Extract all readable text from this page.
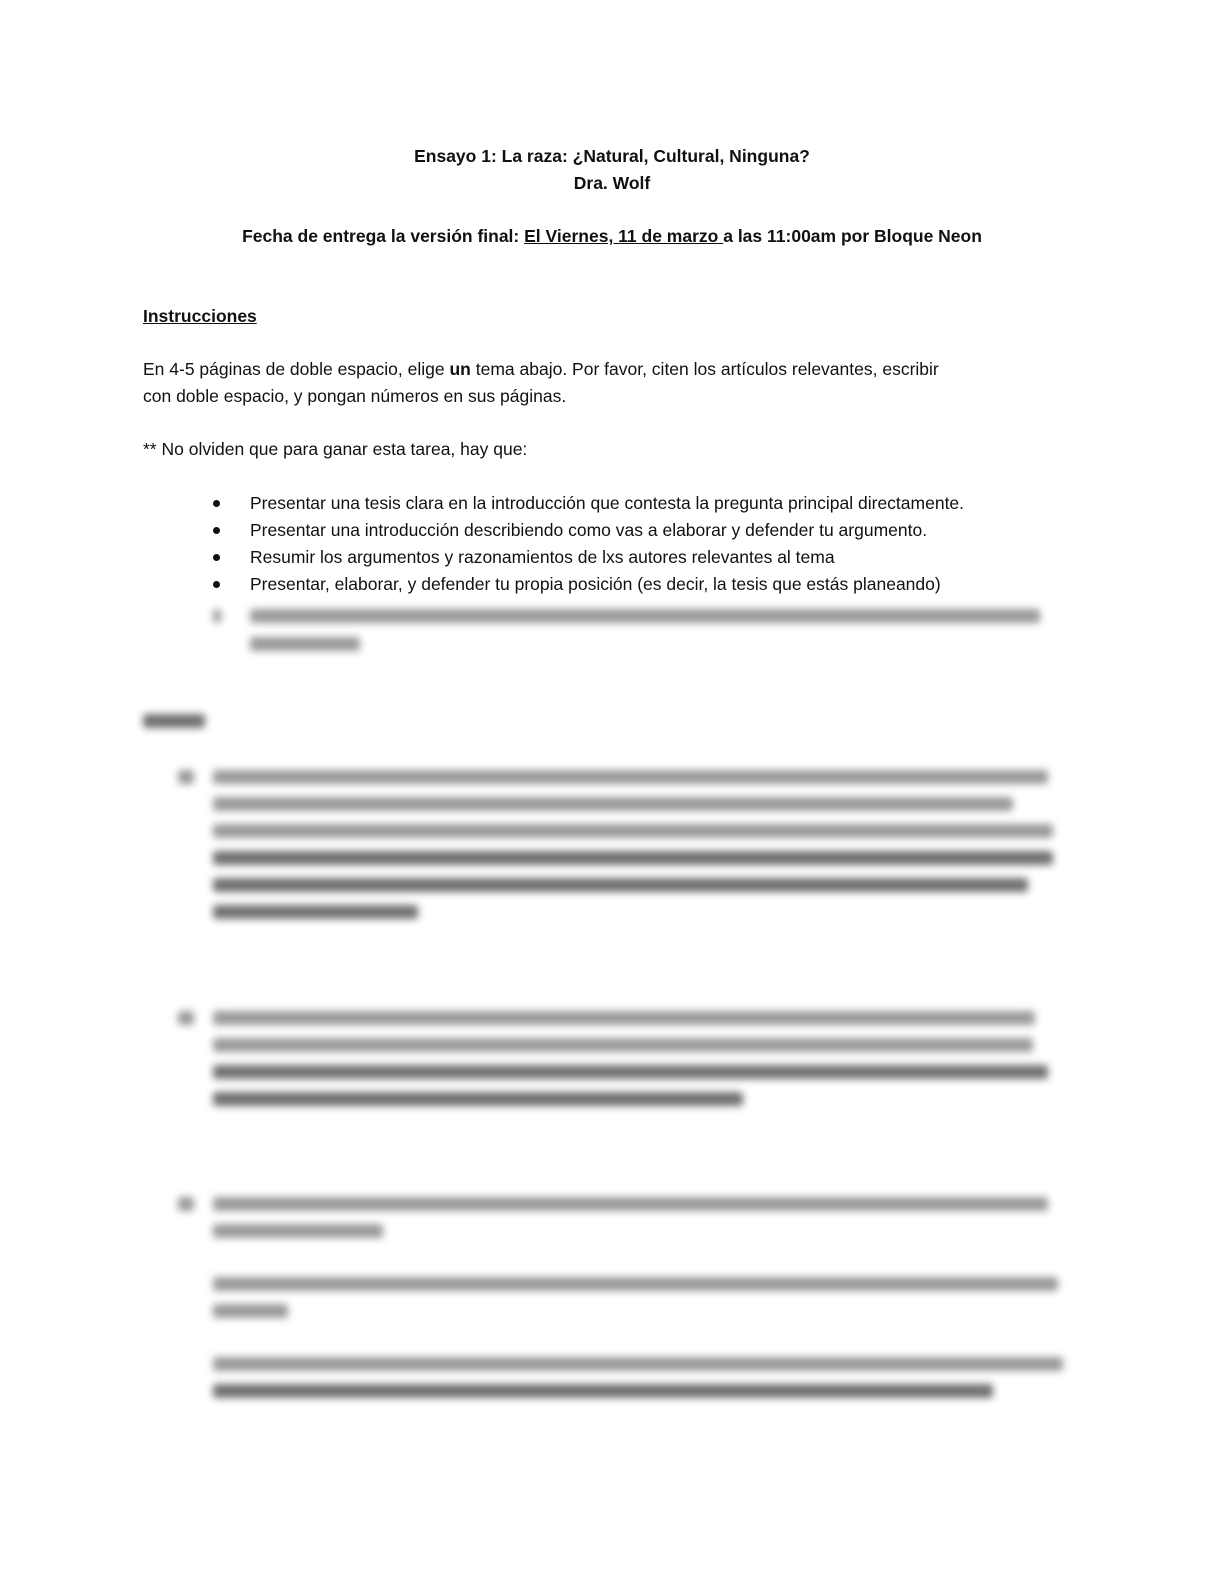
Ensayo 1: La raza: ¿Natural, Cultural, Ninguna?
Dra. Wolf
Fecha de entrega la versión final: El Viernes, 11 de marzo a las 11:00am por Bloque Neon
Instrucciones
En 4-5 páginas de doble espacio, elige un tema abajo. Por favor, citen los artículos relevantes, escribir
con doble espacio, y pongan números en sus páginas.
** No olviden que para ganar esta tarea, hay que:
Presentar una tesis clara en la introducción que contesta la pregunta principal directamente.
Presentar una introducción describiendo como vas a elaborar y defender tu argumento.
Resumir los argumentos y razonamientos de lxs autores relevantes al tema
Presentar, elaborar, y defender tu propia posición (es decir, la tesis que estás planeando)
